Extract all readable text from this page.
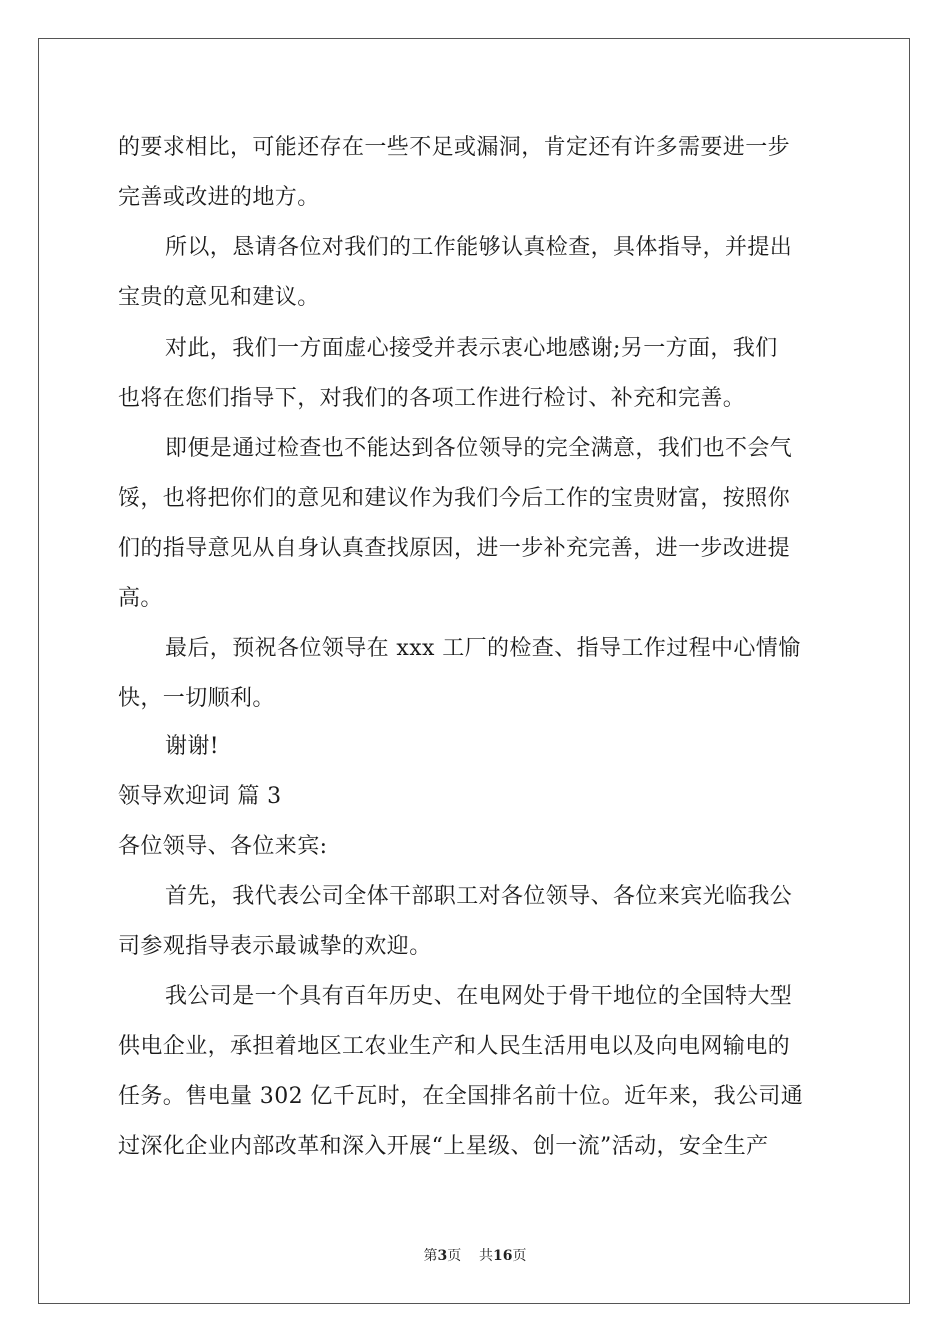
的要求相比，可能还存在一些不足或漏洞，肯定还有许多需要进一步
完善或改进的地方。
所以，恳请各位对我们的工作能够认真检查，具体指导，并提出
宝贵的意见和建议。
对此，我们一方面虚心接受并表示衷心地感谢;另一方面，我们
也将在您们指导下，对我们的各项工作进行检讨、补充和完善。
即便是通过检查也不能达到各位领导的完全满意，我们也不会气
馁，也将把你们的意见和建议作为我们今后工作的宝贵财富，按照你
们的指导意见从自身认真查找原因，进一步补充完善，进一步改进提
高。
最后，预祝各位领导在 xxx 工厂的检查、指导工作过程中心情愉
快，一切顺利。
谢谢!
领导欢迎词 篇 3
各位领导、各位来宾:
首先，我代表公司全体干部职工对各位领导、各位来宾光临我公
司参观指导表示最诚挚的欢迎。
我公司是一个具有百年历史、在电网处于骨干地位的全国特大型
供电企业，承担着地区工农业生产和人民生活用电以及向电网输电的
任务。售电量 302 亿千瓦时，在全国排名前十位。近年来，我公司通
过深化企业内部改革和深入开展“上星级、创一流”活动，安全生产
第3页    共16页
